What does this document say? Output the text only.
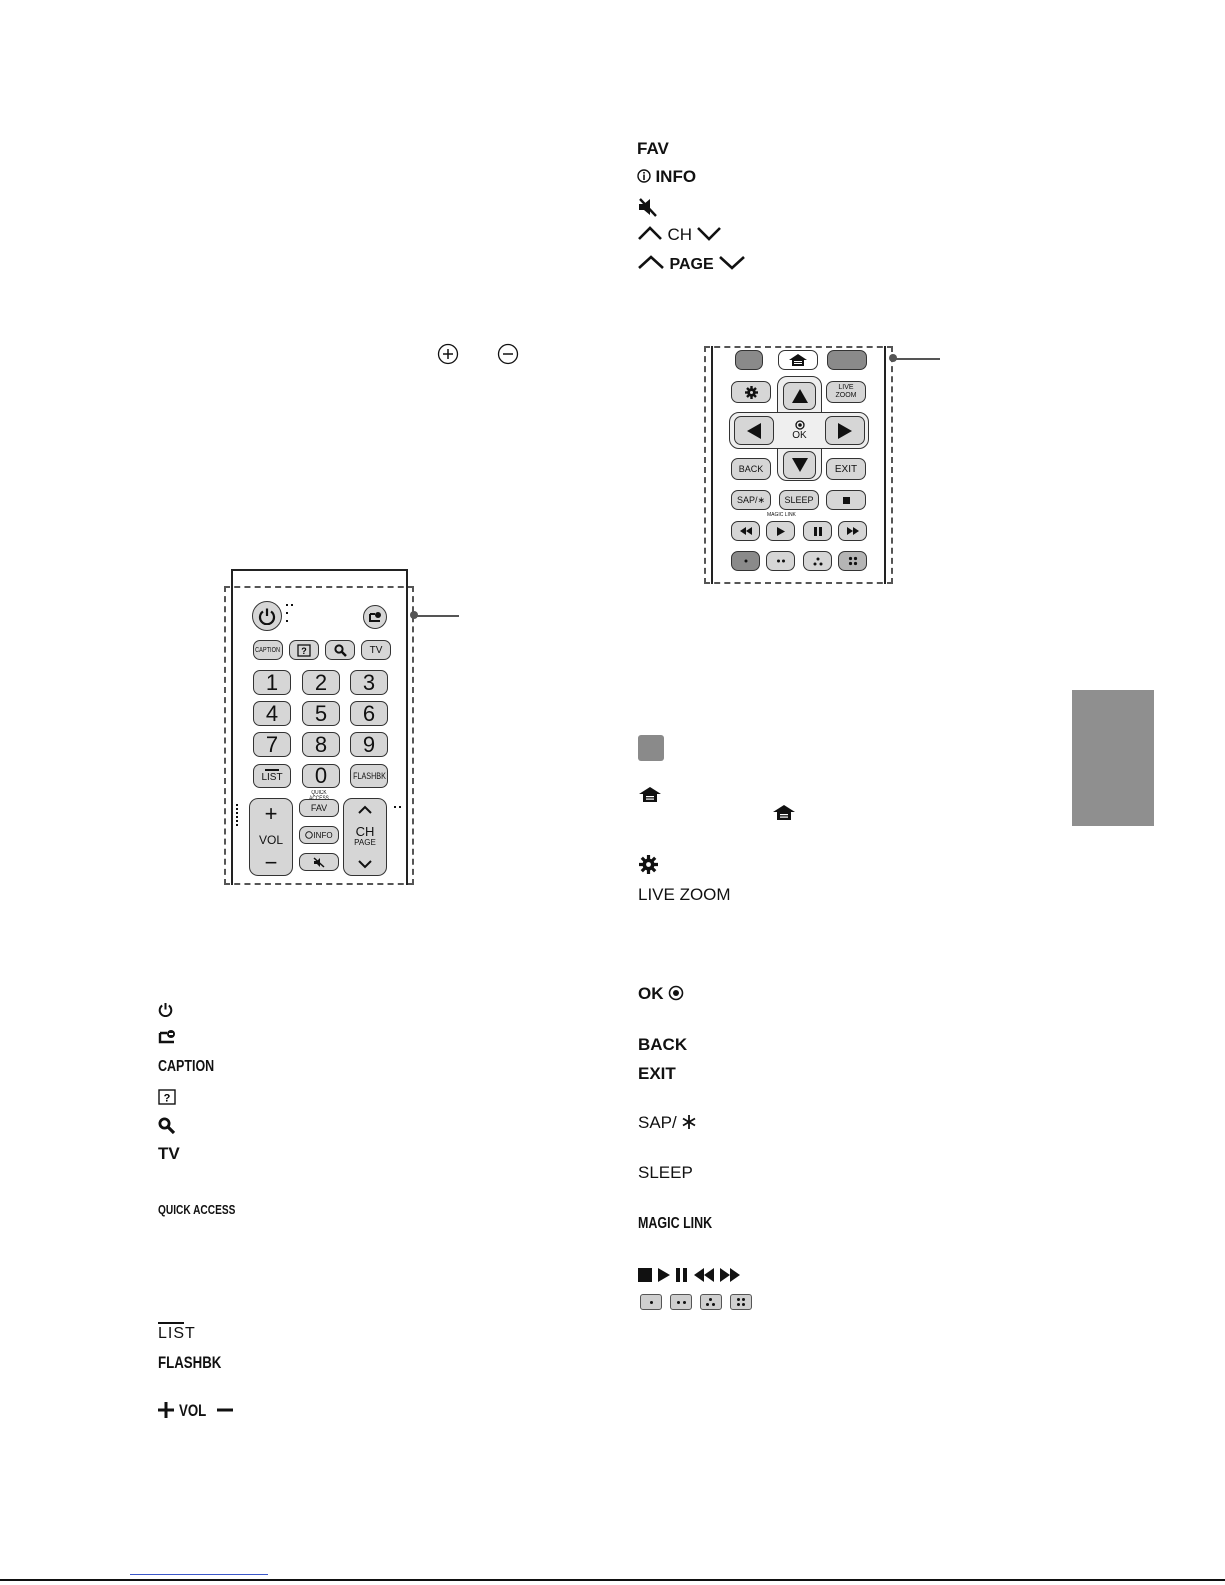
FAV
INFO
CH
PAGE
CAPTION ?	TV
1	2	3
4	5	6
7	8	9
LIST	0	FLASHBK
+
VOL
−
CH
PAGE
QUICK
FAV
INFO
LIVE ZOOM
OK
BACK	EXIT
SAP/∗ SLEEP
MAGIC LINK
CAPTION
?
TV
QUICK ACCESS
LIST
FLASHBK
VOL
LIVE ZOOM
OK
BACK
EXIT
SAP/
SLEEP
MAGIC LINK
